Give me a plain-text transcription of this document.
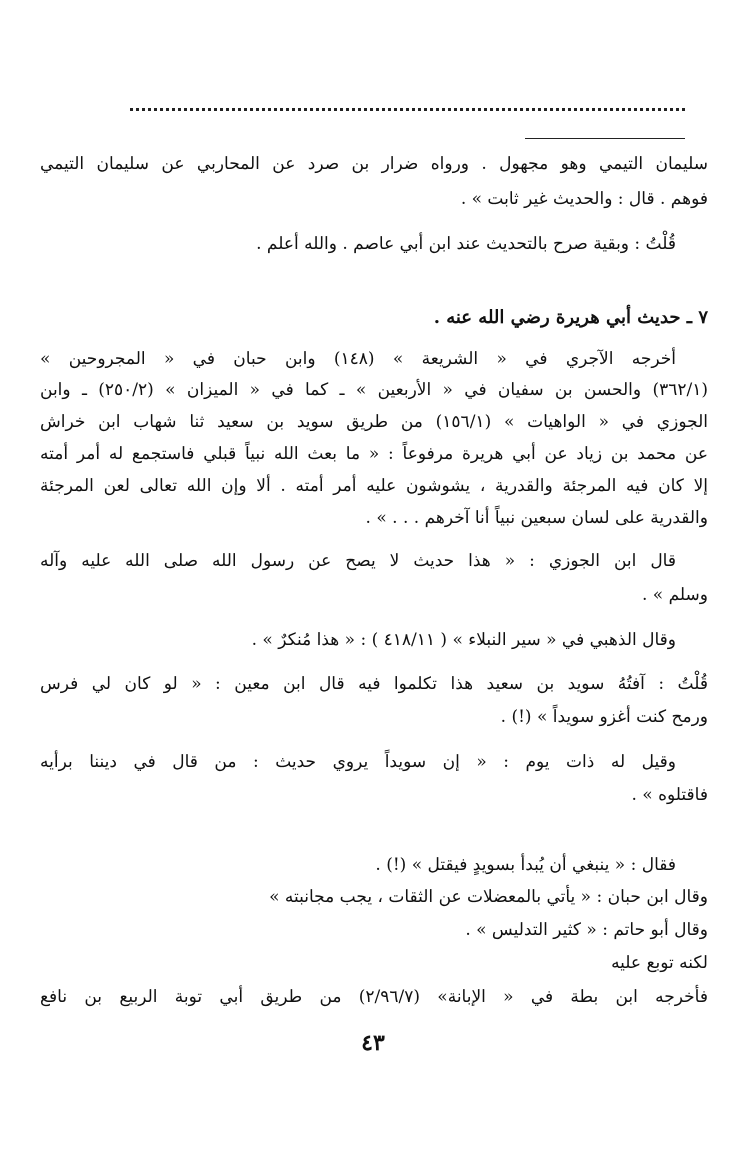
سليمان التيمي وهو مجهول . ورواه ضرار بن صرد عن المحاربي عن سليمان التيمي
فوهم . قال : والحديث غير ثابت » .
قُلْتُ : وبقية صرح بالتحديث عند ابن أبي عاصم . والله أعلم .
٧ ـ حديث أبي هريرة رضي الله عنه .
أخرجه الآجري في « الشريعة » (١٤٨) وابن حبان في « المجروحين »
(٣٦٢/١) والحسن بن سفيان في « الأربعين » ـ كما في « الميزان » (٢٥٠/٢) ـ وابن
الجوزي في « الواهيات » (١٥٦/١) من طريق سويد بن سعيد ثنا شهاب ابن خراش
عن محمد بن زياد عن أبي هريرة مرفوعاً : « ما بعث الله نبياً قبلي فاستجمع له أمر أمته
إلا كان فيه المرجئة والقدرية ، يشوشون عليه أمر أمته . ألا وإن الله تعالى لعن المرجئة
والقدرية على لسان سبعين نبياً أنا آخرهم . . . » .
قال ابن الجوزي : « هذا حديث لا يصح عن رسول الله صلى الله عليه وآله
وسلم » .
وقال الذهبي في « سير النبلاء » ( ٤١٨/١١ ) : « هذا مُنكرٌ » .
قُلْتُ : آفتُهُ سويد بن سعيد هذا تكلموا فيه قال ابن معين : « لو كان لي فرس
ورمح كنت أغزو سويداً » (!) .
وقيل له ذات يوم : « إن سويداً يروي حديث : من قال في ديننا برأيه
فاقتلوه » .
فقال : « ينبغي أن يُبدأ بسويدٍ فيقتل » (!) .
وقال ابن حبان : « يأتي بالمعضلات عن الثقات ، يجب مجانبته »
وقال أبو حاتم : « كثير التدليس » .
لكنه توبع عليه
فأخرجه ابن بطة في « الإبانة» (٢/٩٦/٧) من طريق أبي توبة الربيع بن نافع
٤٣
